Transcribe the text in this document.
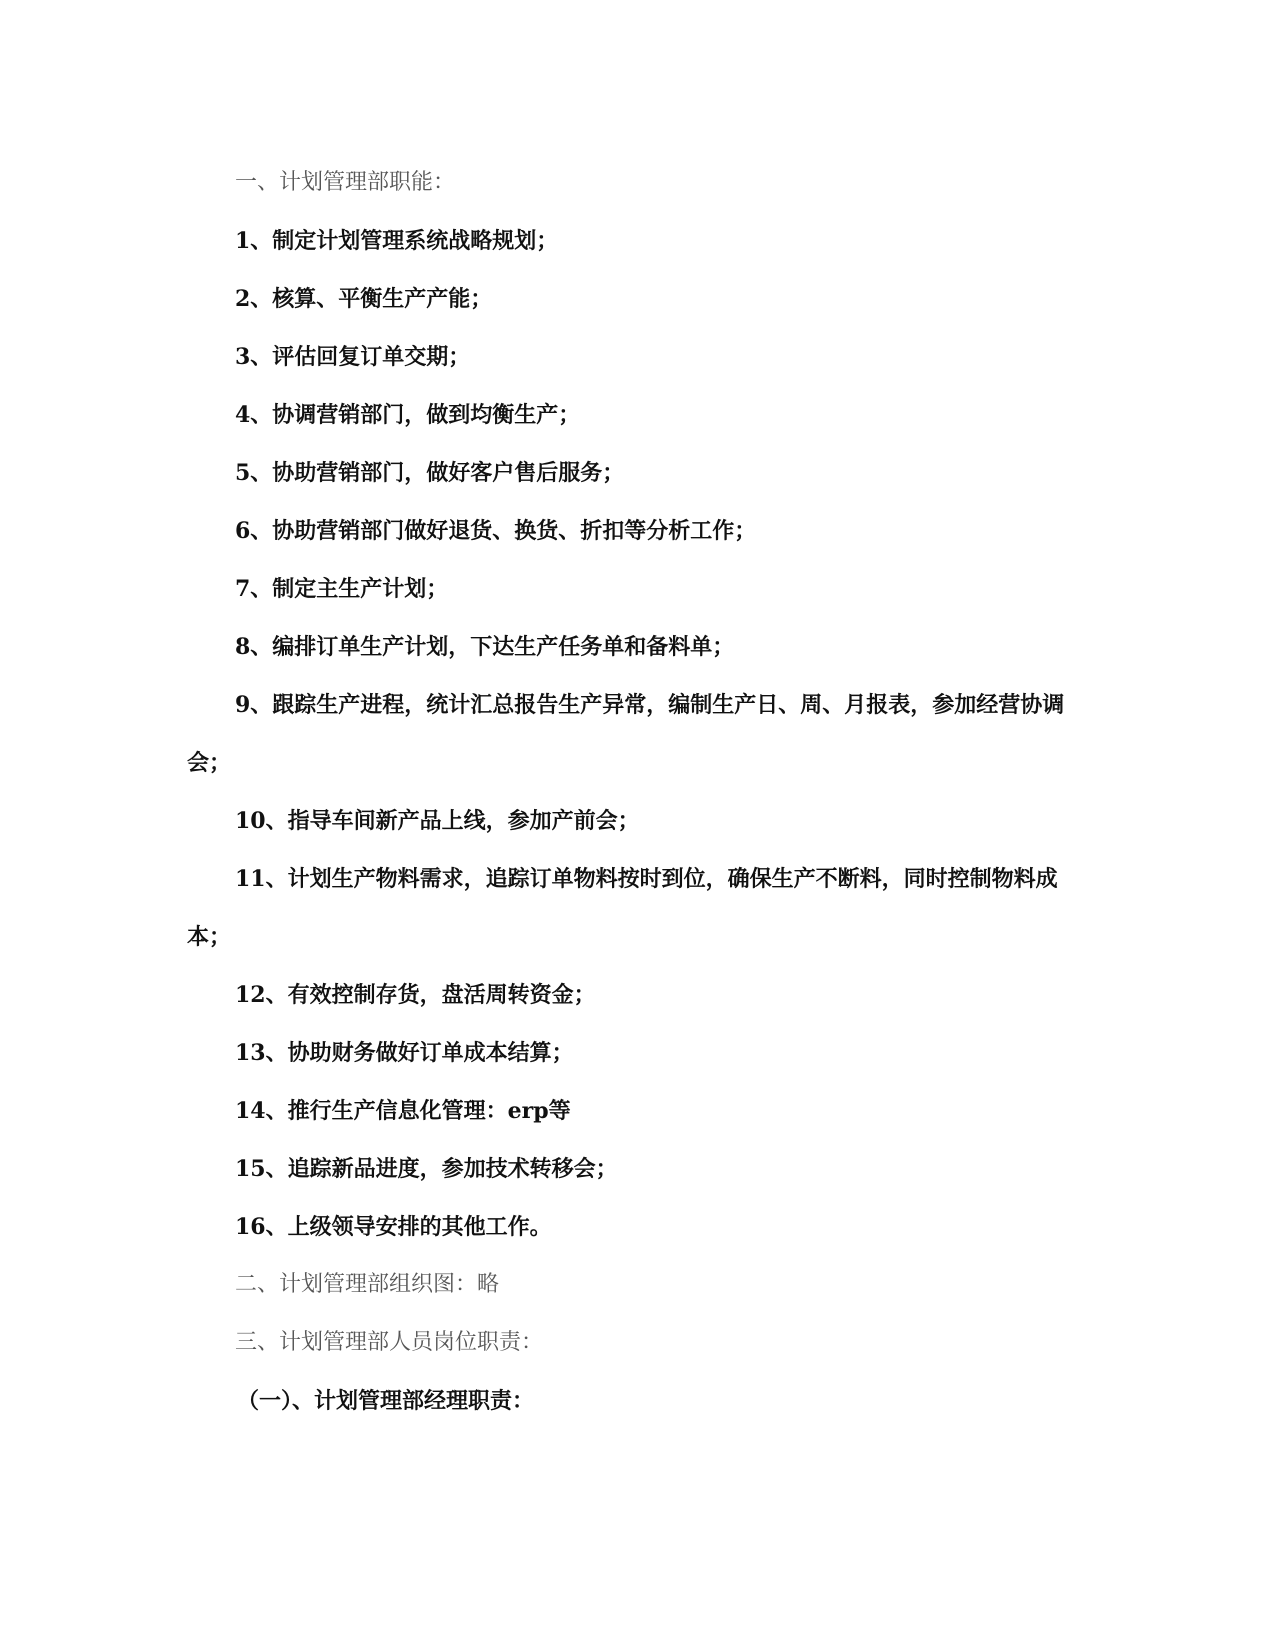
一、计划管理部职能：

1、制定计划管理系统战略规划；

2、核算、平衡生产产能；

3、评估回复订单交期；

4、协调营销部门，做到均衡生产；

5、协助营销部门，做好客户售后服务；

6、协助营销部门做好退货、换货、折扣等分析工作；

7、制定主生产计划；

8、编排订单生产计划，下达生产任务单和备料单；

9、跟踪生产进程，统计汇总报告生产异常，编制生产日、周、月报表，参加经营协调会；

10、指导车间新产品上线，参加产前会；

11、计划生产物料需求，追踪订单物料按时到位，确保生产不断料，同时控制物料成本；

12、有效控制存货，盘活周转资金；

13、协助财务做好订单成本结算；

14、推行生产信息化管理：erp等

15、追踪新品进度，参加技术转移会；

16、上级领导安排的其他工作。

二、计划管理部组织图：略

三、计划管理部人员岗位职责：

（一）、计划管理部经理职责：
